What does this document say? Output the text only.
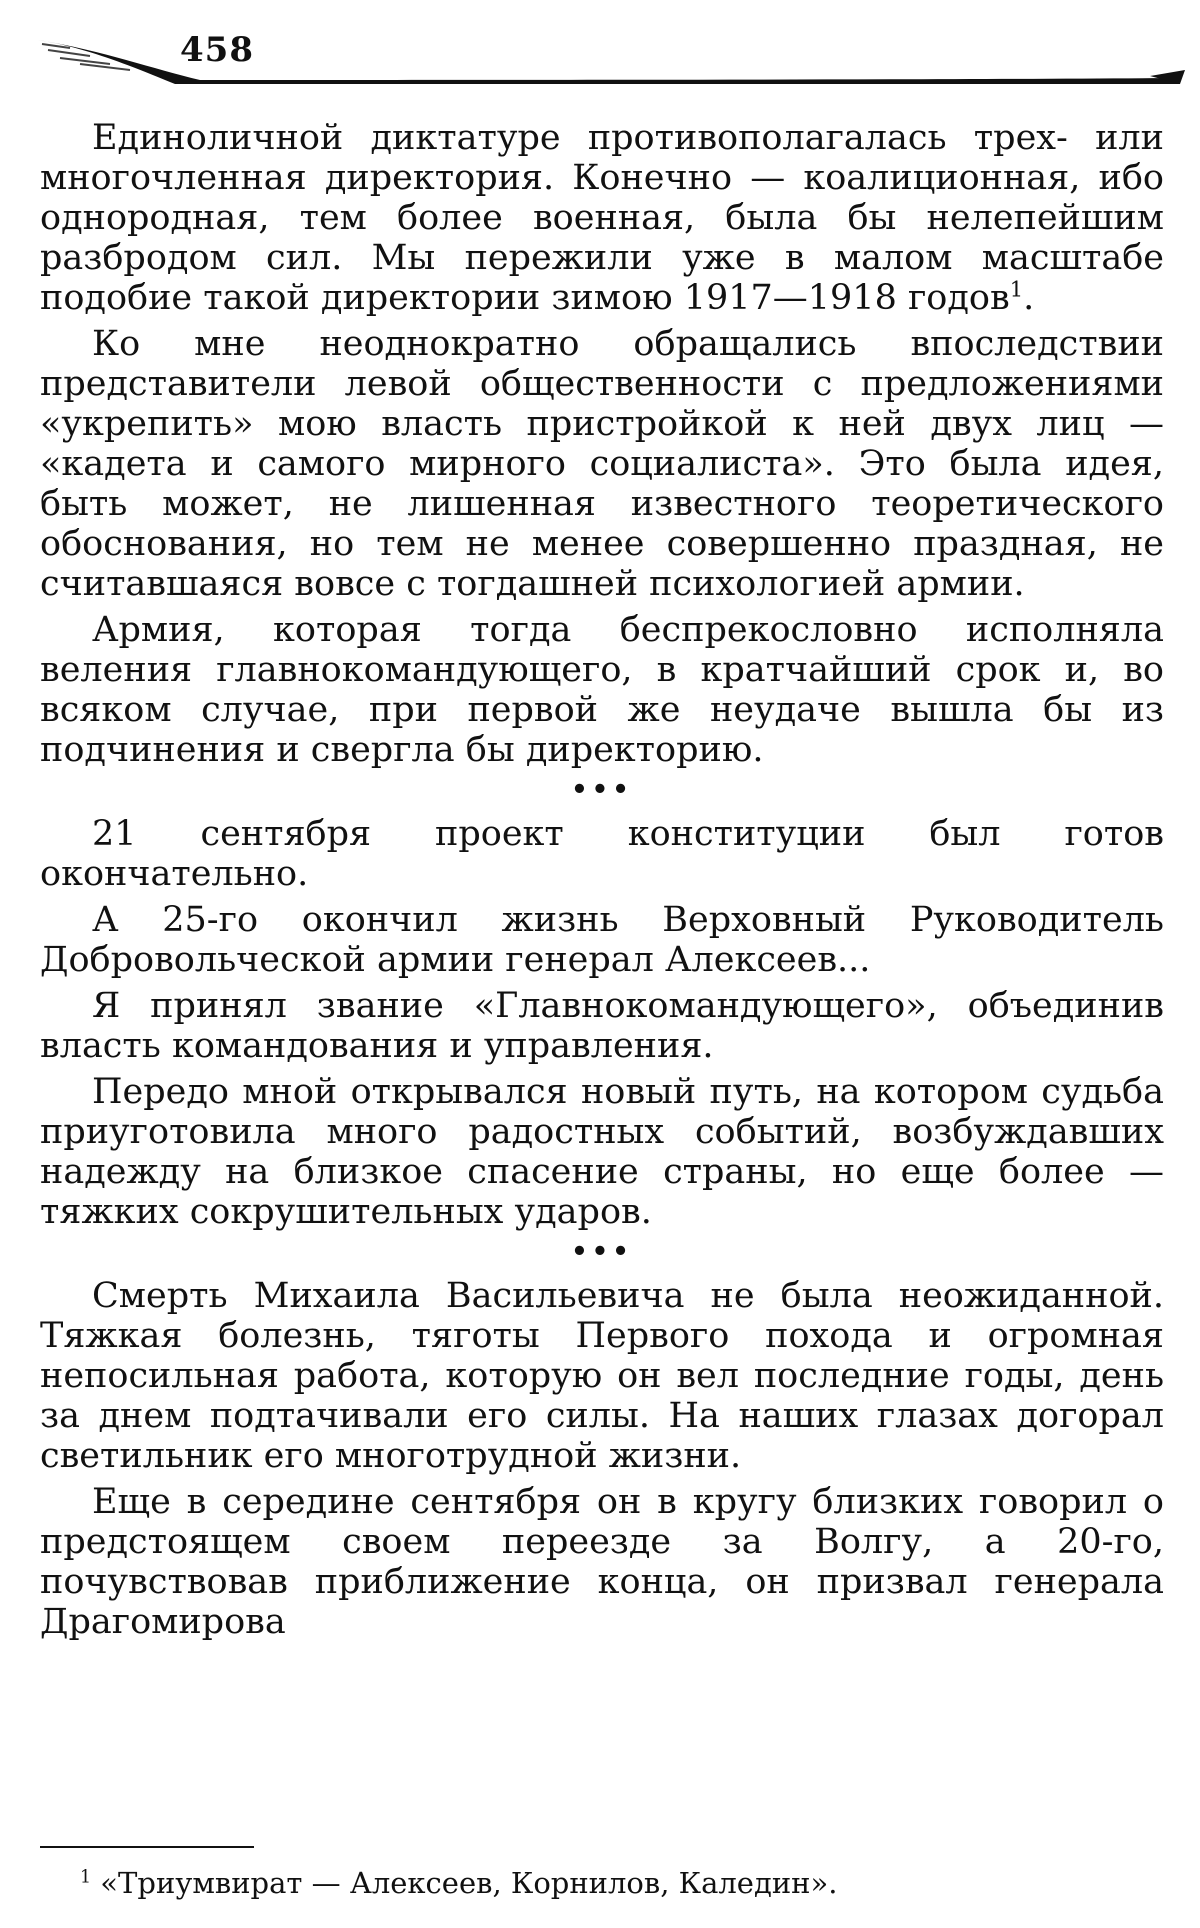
458

Единоличной диктатуре противополагалась трех- или многочленная директория. Конечно — коалиционная, ибо однородная, тем более военная, была бы нелепейшим разбродом сил. Мы пережили уже в малом масштабе подобие такой директории зимою 1917—1918 годов$^1$.

Ко мне неоднократно обращались впоследствии представители левой общественности с предложениями «укрепить» мою власть пристройкой к ней двух лиц — «кадета и самого мирного социалиста». Это была идея, быть может, не лишенная известного теоретического обоснования, но тем не менее совершенно праздная, не считавшаяся вовсе с тогдашней психологией армии.

Армия, которая тогда беспрекословно исполняла веления главнокомандующего, в кратчайший срок и, во всяком случае, при первой же неудаче вышла бы из подчинения и свергла бы директорию.

•••

21 сентября проект конституции был готов окончательно.

А 25-го окончил жизнь Верховный Руководитель Добровольческой армии генерал Алексеев...

Я принял звание «Главнокомандующего», объединив власть командования и управления.

Передо мной открывался новый путь, на котором судьба приуготовила много радостных событий, возбуждавших надежду на близкое спасение страны, но еще более — тяжких сокрушительных ударов.

•••

Смерть Михаила Васильевича не была неожиданной. Тяжкая болезнь, тяготы Первого похода и огромная непосильная работа, которую он вел последние годы, день за днем подтачивали его силы. На наших глазах догорал светильник его многотрудной жизни.

Еще в середине сентября он в кругу близких говорил о предстоящем своем переезде за Волгу, а 20-го, почувствовав приближение конца, он призвал генерала Драгомирова

$^1$ «Триумвират — Алексеев, Корнилов, Каледин».
